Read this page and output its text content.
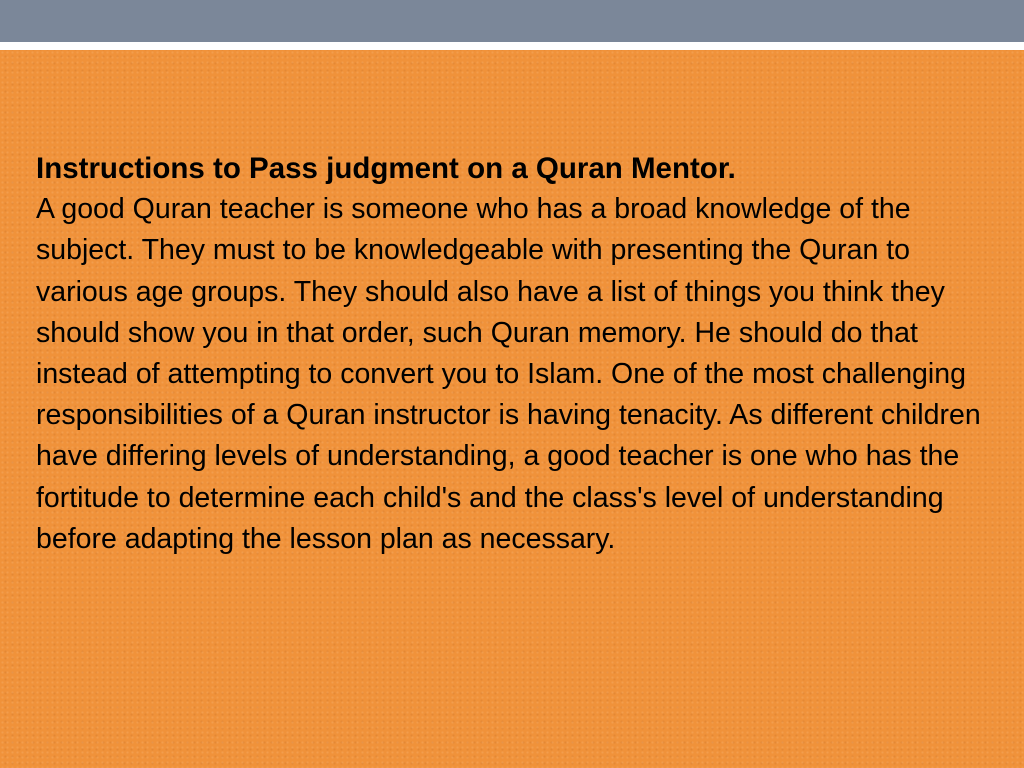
Instructions to Pass judgment on a Quran Mentor.

A good Quran teacher is someone who has a broad knowledge of the subject. They must to be knowledgeable with presenting the Quran to various age groups. They should also have a list of things you think they should show you in that order, such Quran memory. He should do that instead of attempting to convert you to Islam. One of the most challenging responsibilities of a Quran instructor is having tenacity. As different children have differing levels of understanding, a good teacher is one who has the fortitude to determine each child's and the class's level of understanding before adapting the lesson plan as necessary.
